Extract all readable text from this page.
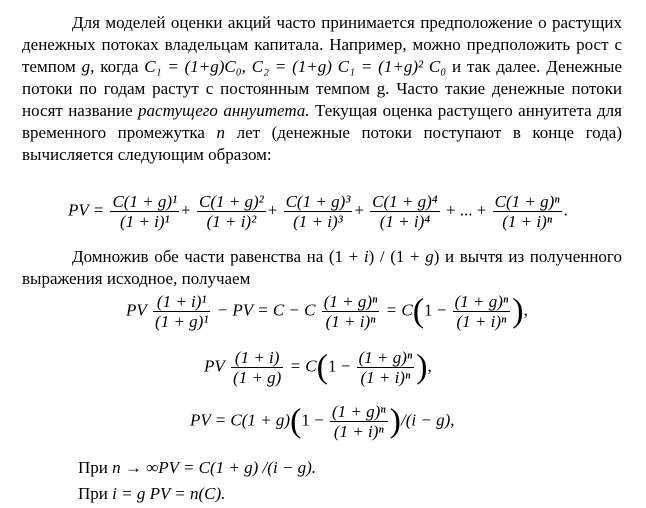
Для моделей оценки акций часто принимается предположение о растущих денежных потоках владельцам капитала. Например, можно предположить рост с темпом g, когда C₁ = (1+g)C₀, C₂ = (1+g) C₁ = (1+g)² C₀ и так далее. Денежные потоки по годам растут с постоянным темпом g. Часто такие денежные потоки носят название растущего аннуитета. Текущая оценка растущего аннуитета для временного промежутка n лет (денежные потоки поступают в конце года) вычисляется следующим образом:

PV = $\frac{\text{C(1 + g)¹}}{\text{(1 + i)¹}} + \frac{\text{C(1 + g)²}}{\text{(1 + i)²}} + \frac{\text{C(1 + g)³}}{\text{(1 + i)³}} + \frac{\text{C(1 + g)⁴}}{\text{(1 + i)⁴}}$ + ... + $\frac{\text{C(1 + g)ⁿ}}{\text{(1 + i)ⁿ}}$ .

Домножив обе части равенства на (1 + i) / (1 + g) и вычтя из полученного выражения исходное, получаем

PV $\frac{\text{(1 + i)¹}}{\text{(1 + g)¹}}$ − PV = C − C $\frac{\text{(1 + g)ⁿ}}{\text{(1 + i)ⁿ}} = C(1 - \frac{\text{(1 + g)ⁿ}}{\text{(1 + i)ⁿ}}$ ),
PV $\frac{(1 + i)}{(1 + g)} = C(1 - \frac{\text{(1 + g)ⁿ}}{\text{(1 + i)ⁿ}}$ ),
PV = $C(1 + g)(1 - \frac{\text{(1 + g)ⁿ}}{\text{(1 + i)ⁿ}} )/(i - g)$,
При n → ∞PV = C(1 + g) /(i − g).
При i = g PV = n(C).
